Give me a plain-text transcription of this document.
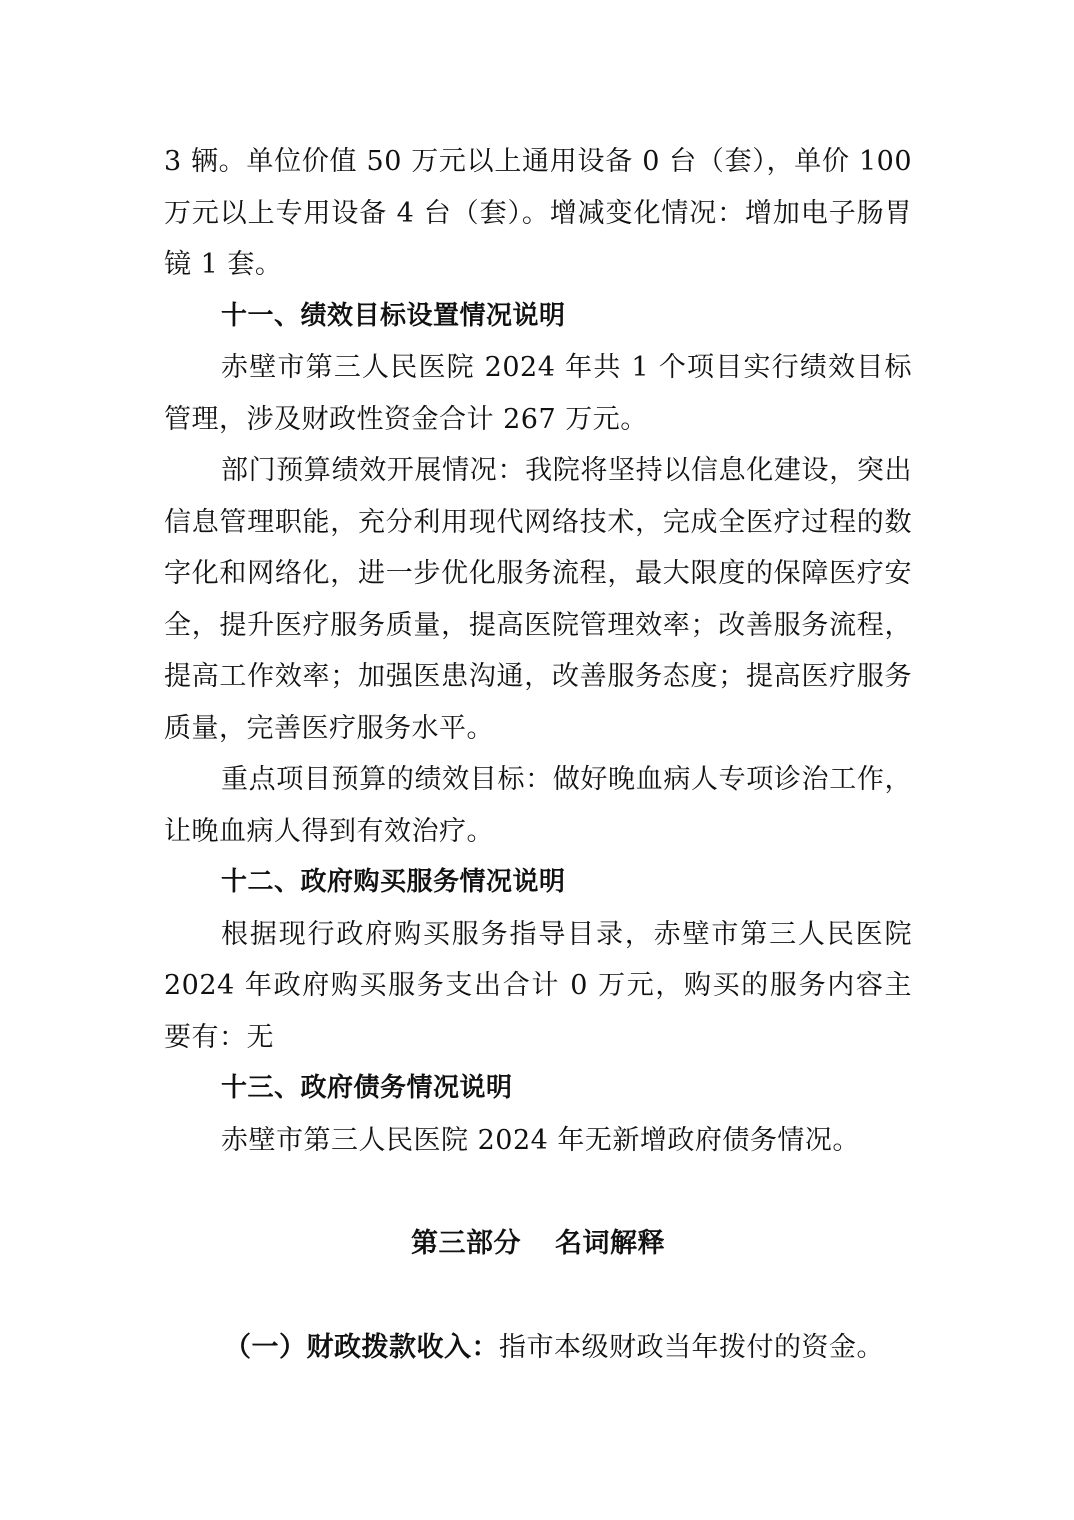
3 辆。单位价值 50 万元以上通用设备 0 台（套），单价 100 万元以上专用设备 4 台（套）。增减变化情况：增加电子肠胃镜 1 套。

十一、绩效目标设置情况说明

赤壁市第三人民医院 2024 年共 1 个项目实行绩效目标管理，涉及财政性资金合计 267 万元。

部门预算绩效开展情况：我院将坚持以信息化建设，突出信息管理职能，充分利用现代网络技术，完成全医疗过程的数字化和网络化，进一步优化服务流程，最大限度的保障医疗安全，提升医疗服务质量，提高医院管理效率；改善服务流程，提高工作效率；加强医患沟通，改善服务态度；提高医疗服务质量，完善医疗服务水平。

重点项目预算的绩效目标：做好晚血病人专项诊治工作，让晚血病人得到有效治疗。

十二、政府购买服务情况说明

根据现行政府购买服务指导目录，赤壁市第三人民医院 2024 年政府购买服务支出合计 0 万元，购买的服务内容主要有：无

十三、政府债务情况说明

赤壁市第三人民医院 2024 年无新增政府债务情况。

第三部分 名词解释

（一）财政拨款收入：指市本级财政当年拨付的资金。
